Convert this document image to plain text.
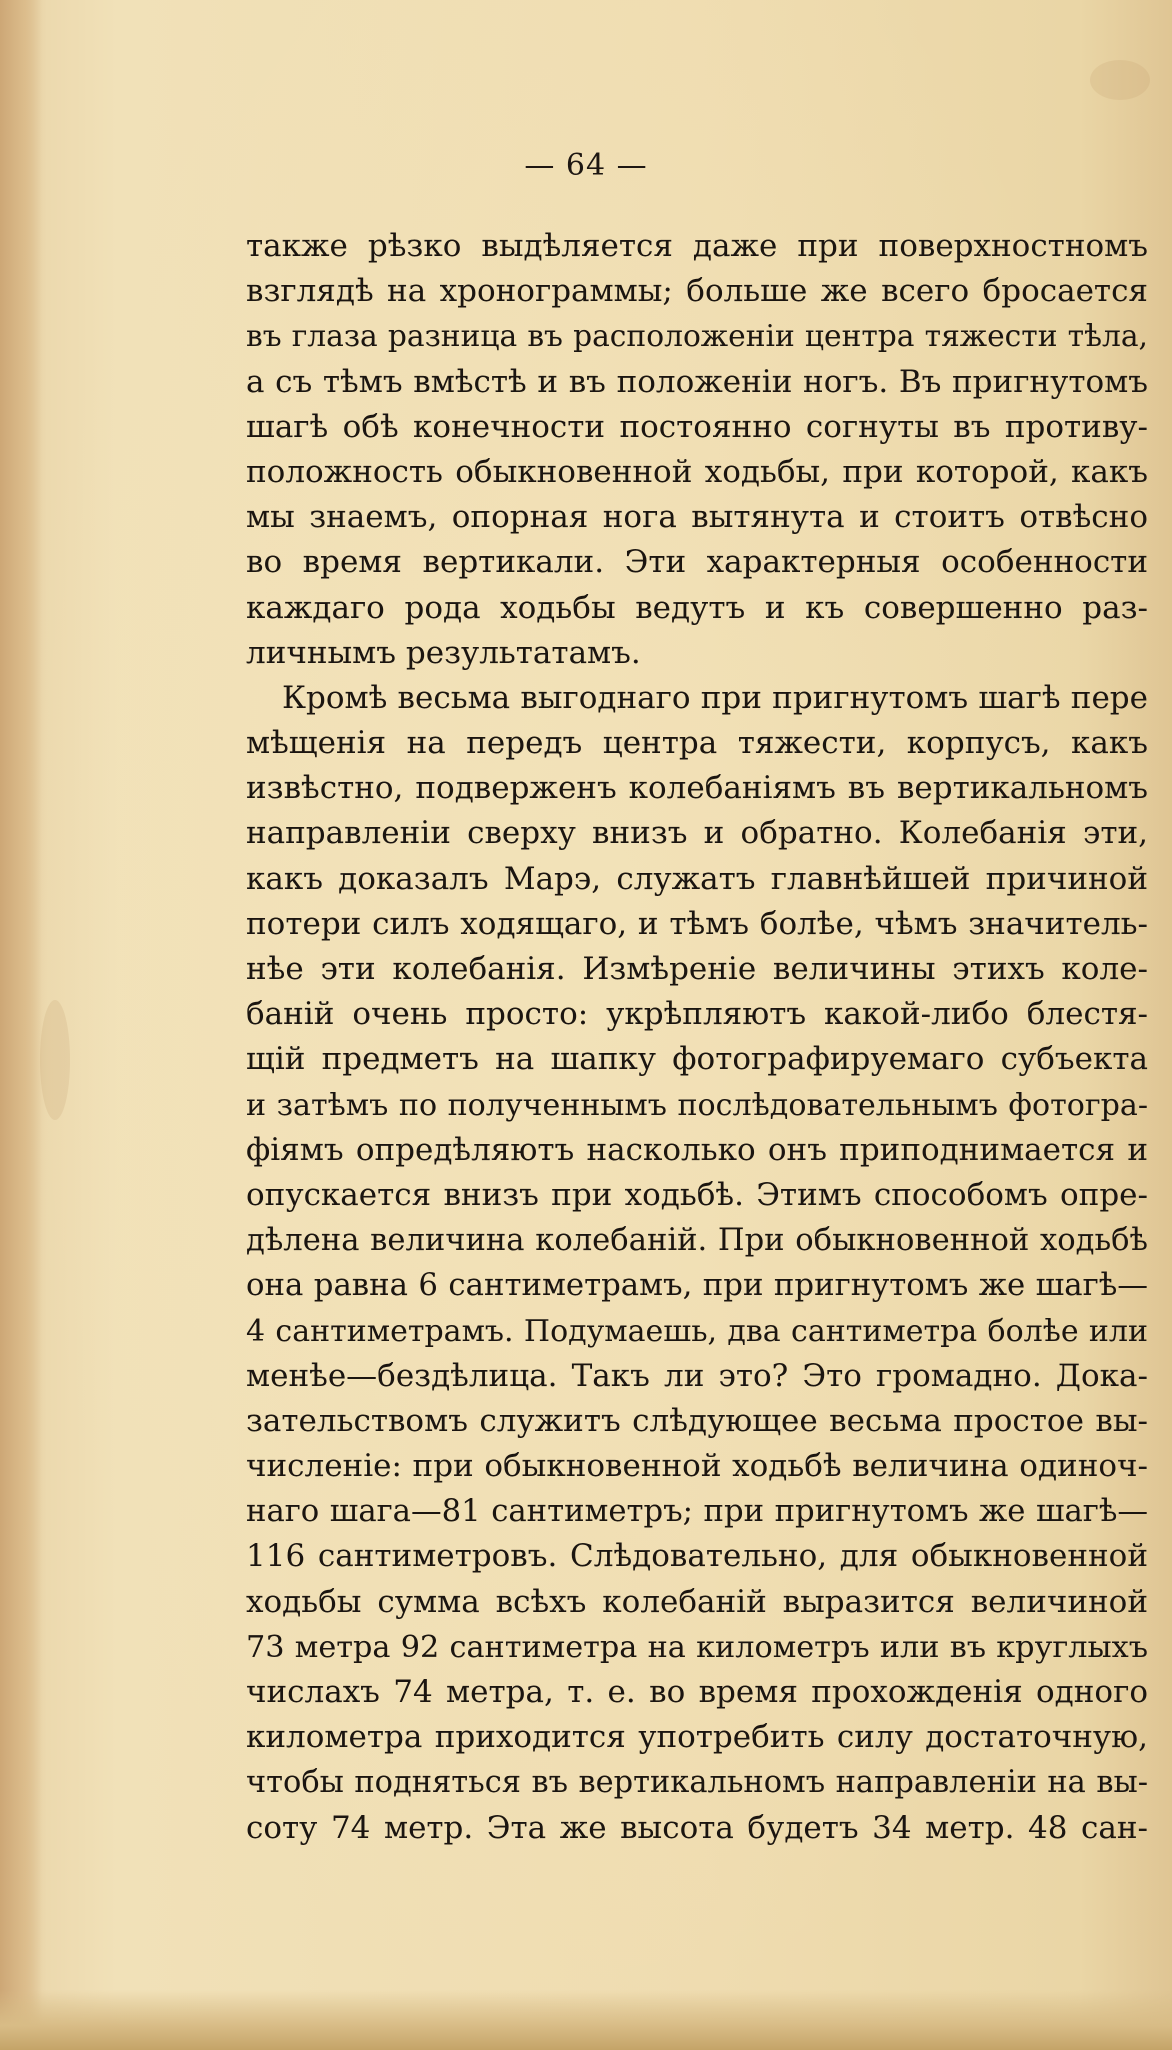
— 64 —
также рѣзко выдѣляется даже при поверхностномъ
взглядѣ на хронограммы; больше же всего бросается
въ глаза разница въ расположенiи центра тяжести тѣла,
а съ тѣмъ вмѣстѣ и въ положенiи ногъ. Въ пригнутомъ
шагѣ обѣ конечности постоянно согнуты въ противу-
положность обыкновенной ходьбы, при которой, какъ
мы знаемъ, опорная нога вытянута и стоитъ отвѣсно
во время вертикали. Эти характерныя особенности
каждаго рода ходьбы ведутъ и къ совершенно раз-
личнымъ результатамъ.
Кромѣ весьма выгоднаго при пригнутомъ шагѣ пере
мѣщенiя на передъ центра тяжести, корпусъ, какъ
извѣстно, подверженъ колебанiямъ въ вертикальномъ
направленiи сверху внизъ и обратно. Колебанiя эти,
какъ доказалъ Марэ, служатъ главнѣйшей причиной
потери силъ ходящаго, и тѣмъ болѣе, чѣмъ значитель-
нѣе эти колебанiя. Измѣренiе величины этихъ коле-
банiй очень просто: укрѣпляютъ какой-либо блестя-
щiй предметъ на шапку фотографируемаго субъекта
и затѣмъ по полученнымъ послѣдовательнымъ фотогра-
фiямъ опредѣляютъ насколько онъ приподнимается и
опускается внизъ при ходьбѣ. Этимъ способомъ опре-
дѣлена величина колебанiй. При обыкновенной ходьбѣ
она равна 6 сантиметрамъ, при пригнутомъ же шагѣ—
4 сантиметрамъ. Подумаешь, два сантиметра болѣе или
менѣе—бездѣлица. Такъ ли это? Это громадно. Дока-
зательствомъ служитъ слѣдующее весьма простое вы-
численiе: при обыкновенной ходьбѣ величина одиноч-
наго шага—81 сантиметръ; при пригнутомъ же шагѣ—
116 сантиметровъ. Слѣдовательно, для обыкновенной
ходьбы сумма всѣхъ колебанiй выразится величиной
73 метра 92 сантиметра на километръ или въ круглыхъ
числахъ 74 метра, т. е. во время прохожденiя одного
километра приходится употребить силу достаточную,
чтобы подняться въ вертикальномъ направленiи на вы-
соту 74 метр. Эта же высота будетъ 34 метр. 48 сан-
